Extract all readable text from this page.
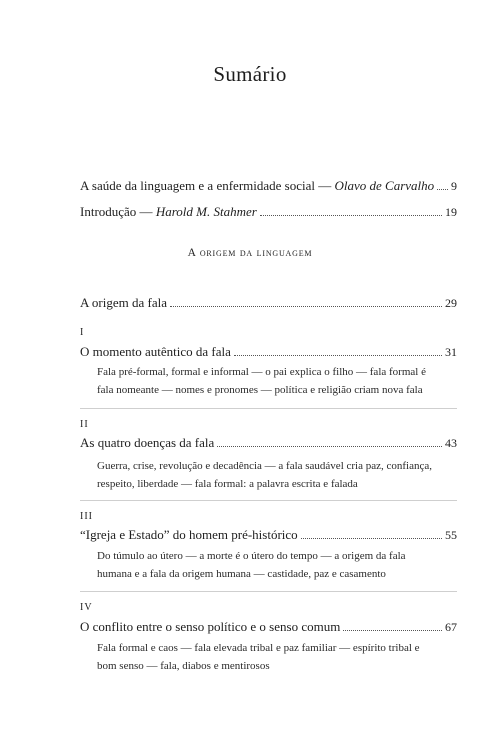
Sumário
A saúde da linguagem e a enfermidade social — Olavo de Carvalho 9
Introdução — Harold M. Stahmer	19
A origem da linguagem
A origem da fala	29
I
O momento autêntico da fala	31
Fala pré-formal, formal e informal — o pai explica o filho — fala formal é
fala nomeante — nomes e pronomes — política e religião criam nova fala
II
As quatro doenças da fala	43
Guerra, crise, revolução e decadência — a fala saudável cria paz, confiança,
respeito, liberdade — fala formal: a palavra escrita e falada
III
“Igreja e Estado” do homem pré-histórico	55
Do túmulo ao útero — a morte é o útero do tempo — a origem da fala
humana e a fala da origem humana — castidade, paz e casamento
IV
O conflito entre o senso político e o senso comum	67
Fala formal e caos — fala elevada tribal e paz familiar — espírito tribal e
bom senso — fala, diabos e mentirosos
